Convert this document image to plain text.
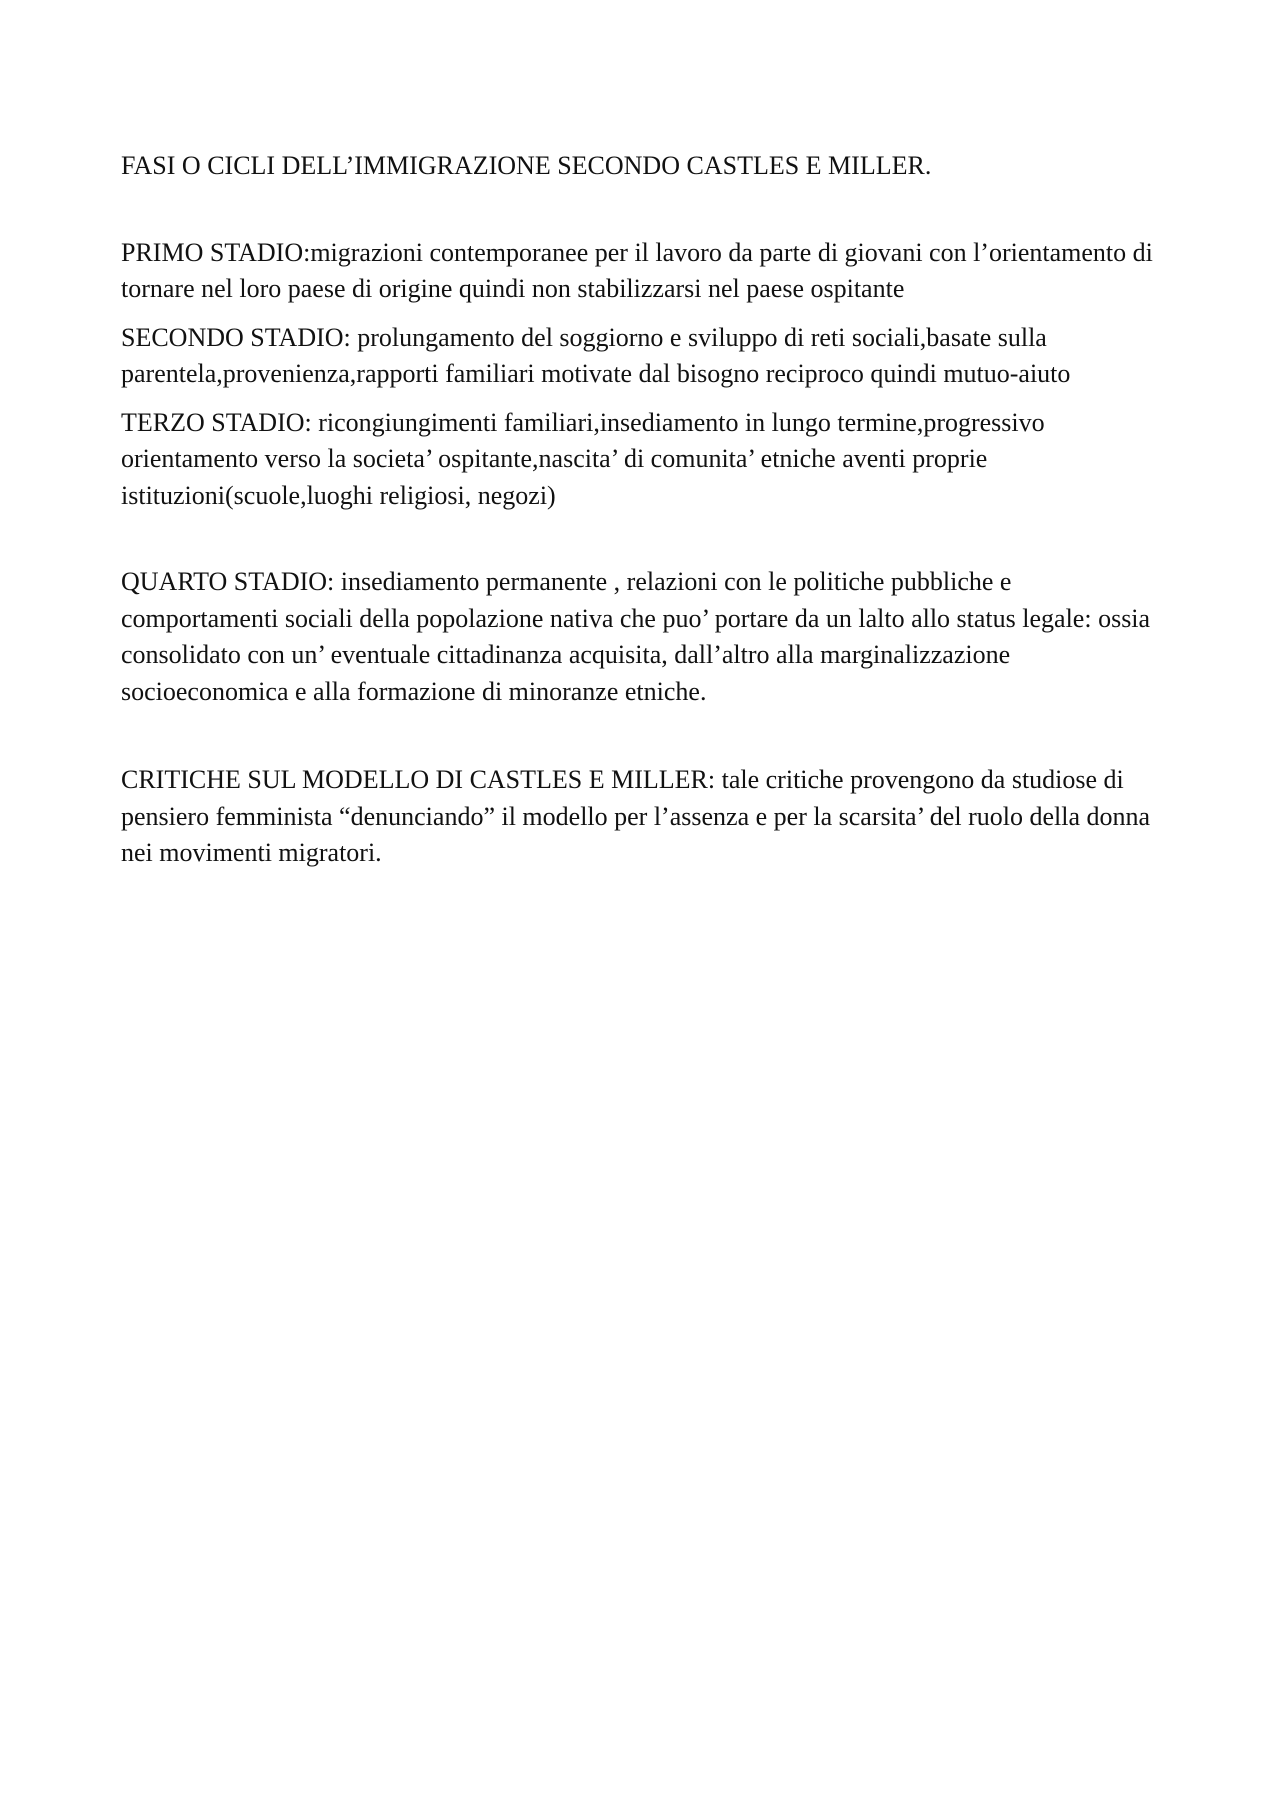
FASI O CICLI DELL’IMMIGRAZIONE SECONDO CASTLES E MILLER.

PRIMO STADIO:migrazioni contemporanee per il lavoro da parte di giovani con l’orientamento di tornare nel loro paese di origine quindi non stabilizzarsi nel paese ospitante

SECONDO STADIO: prolungamento del soggiorno e sviluppo di reti sociali,basate sulla parentela,provenienza,rapporti familiari motivate dal bisogno reciproco quindi mutuo-aiuto

TERZO STADIO: ricongiungimenti familiari,insediamento in lungo termine,progressivo orientamento verso la societa’ ospitante,nascita’ di comunita’ etniche aventi proprie istituzioni(scuole,luoghi religiosi, negozi)

QUARTO STADIO: insediamento permanente , relazioni con le politiche pubbliche e comportamenti sociali della popolazione nativa che puo’ portare da un lalto allo status legale: ossia consolidato con un’ eventuale cittadinanza acquisita, dall’altro alla marginalizzazione socioeconomica e alla formazione di minoranze etniche.

CRITICHE SUL MODELLO DI CASTLES E MILLER: tale critiche provengono da studiose di pensiero femminista “denunciando” il modello per l’assenza e per la scarsita’ del ruolo della donna nei movimenti migratori.
